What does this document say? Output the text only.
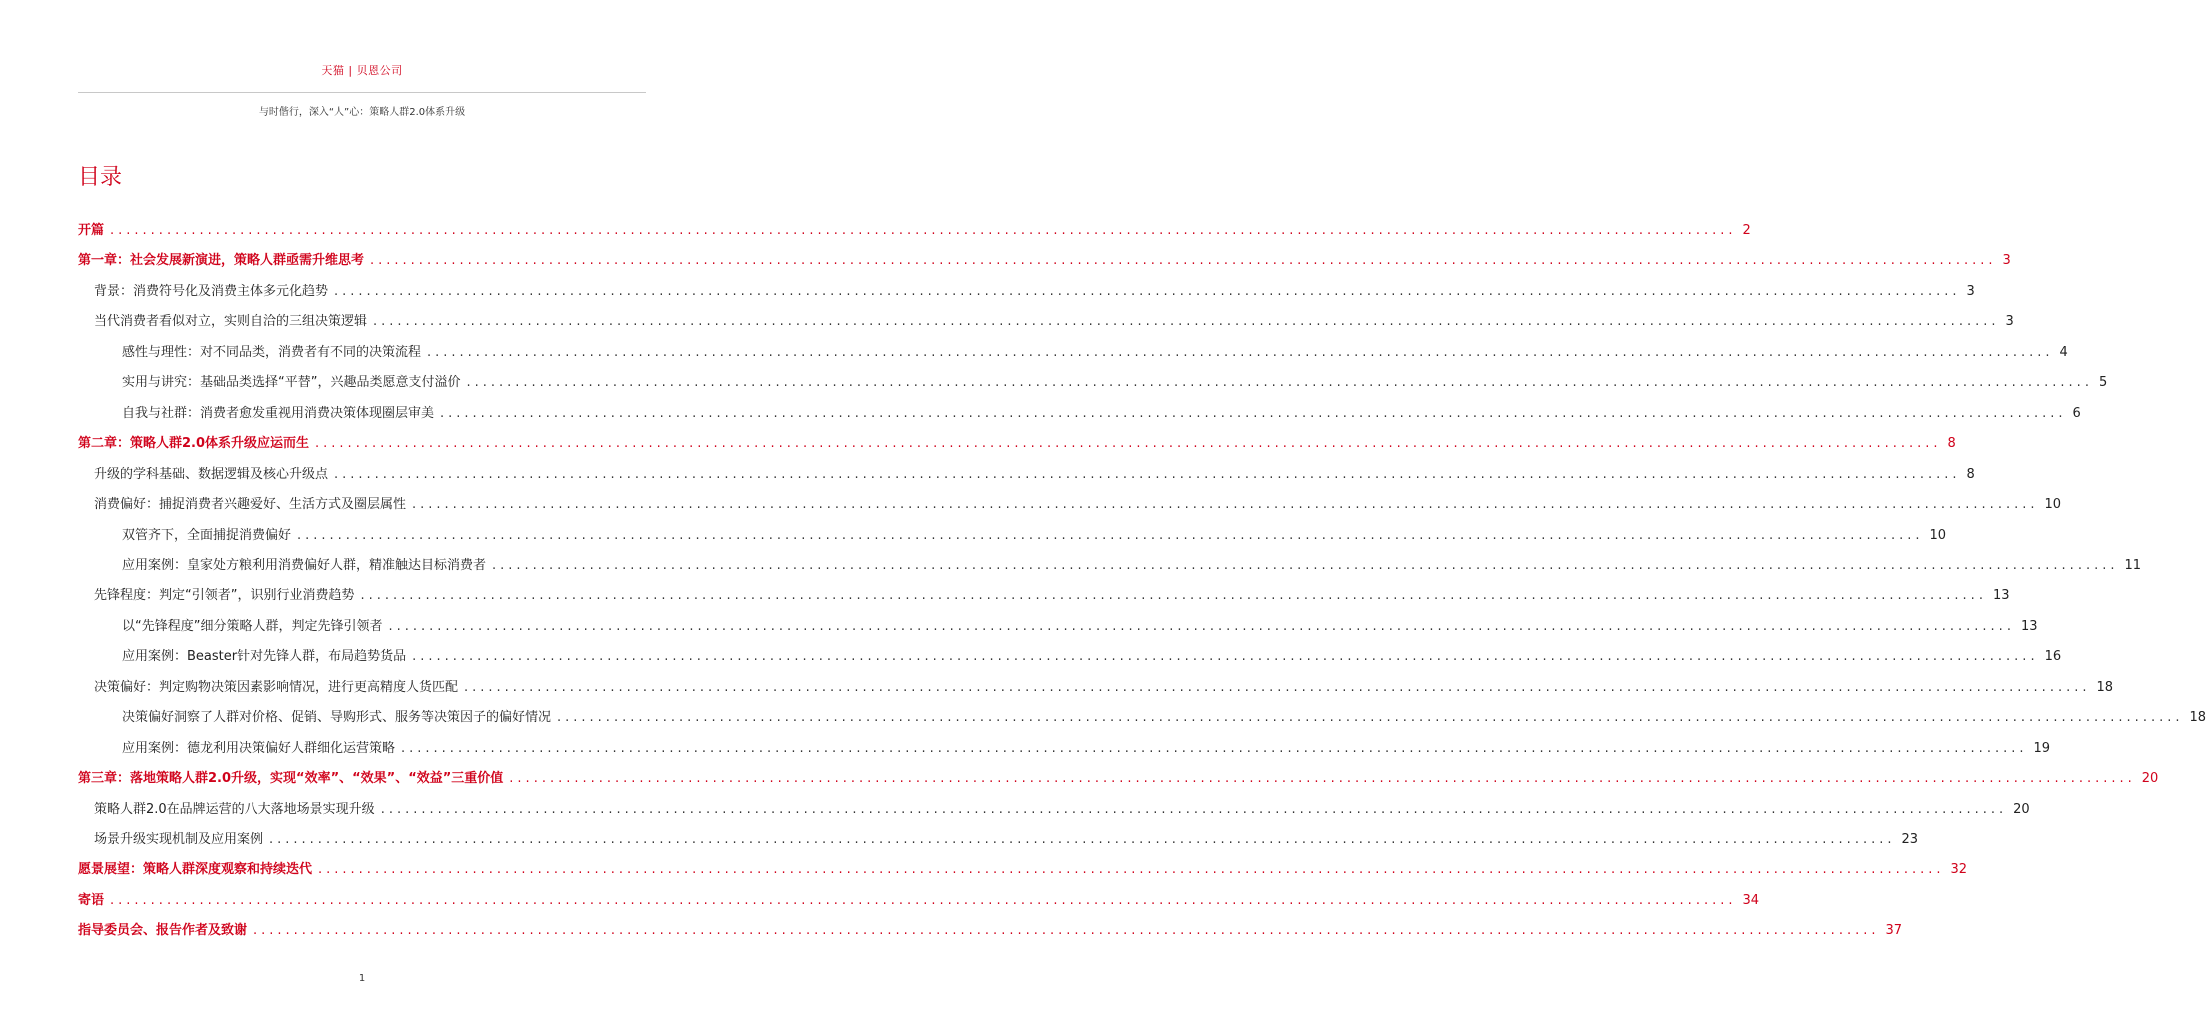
天猫 | 贝恩公司
与时偕行，深入“人”心：策略人群2.0体系升级
目录
开篇 ........................................................................................................................................................................................................ 2
第一章：社会发展新演进，策略人群亟需升维思考 ........................................................................................................................................................................................................ 3
背景：消费符号化及消费主体多元化趋势 ........................................................................................................................................................................................................ 3
当代消费者看似对立，实则自洽的三组决策逻辑 ........................................................................................................................................................................................................ 3
感性与理性：对不同品类，消费者有不同的决策流程 ........................................................................................................................................................................................................ 4
实用与讲究：基础品类选择“平替”，兴趣品类愿意支付溢价 ........................................................................................................................................................................................................ 5
自我与社群：消费者愈发重视用消费决策体现圈层审美 ........................................................................................................................................................................................................ 6
第二章：策略人群2.0体系升级应运而生 ........................................................................................................................................................................................................ 8
升级的学科基础、数据逻辑及核心升级点 ........................................................................................................................................................................................................ 8
消费偏好：捕捉消费者兴趣爱好、生活方式及圈层属性 ........................................................................................................................................................................................................ 10
双管齐下，全面捕捉消费偏好 ........................................................................................................................................................................................................ 10
应用案例：皇家处方粮利用消费偏好人群，精准触达目标消费者 ........................................................................................................................................................................................................ 11
先锋程度：判定“引领者”，识别行业消费趋势 ........................................................................................................................................................................................................ 13
以“先锋程度”细分策略人群，判定先锋引领者 ........................................................................................................................................................................................................ 13
应用案例：Beaster针对先锋人群，布局趋势货品 ........................................................................................................................................................................................................ 16
决策偏好：判定购物决策因素影响情况，进行更高精度人货匹配 ........................................................................................................................................................................................................ 18
决策偏好洞察了人群对价格、促销、导购形式、服务等决策因子的偏好情况 ........................................................................................................................................................................................................ 18
应用案例：德龙利用决策偏好人群细化运营策略 ........................................................................................................................................................................................................ 19
第三章：落地策略人群2.0升级，实现“效率”、“效果”、“效益”三重价值 ........................................................................................................................................................................................................ 20
策略人群2.0在品牌运营的八大落地场景实现升级 ........................................................................................................................................................................................................ 20
场景升级实现机制及应用案例 ........................................................................................................................................................................................................ 23
愿景展望：策略人群深度观察和持续迭代 ........................................................................................................................................................................................................ 32
寄语 ........................................................................................................................................................................................................ 34
指导委员会、报告作者及致谢 ........................................................................................................................................................................................................ 37
1
